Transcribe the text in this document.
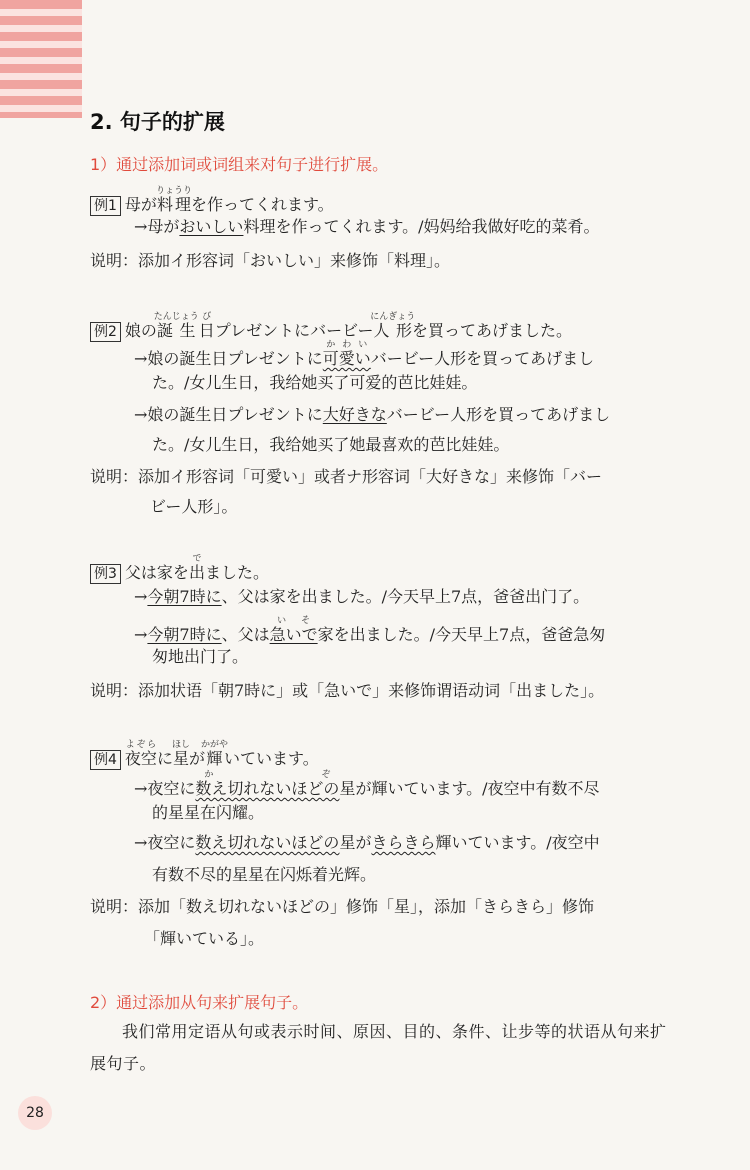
2. 句子的扩展
1）通过添加词或词组来对句子进行扩展。
例1 母が料理りょうりを作ってくれます。
→母がおいしい料理を作ってくれます。/妈妈给我做好吃的菜肴。
说明：添加イ形容词「おいしい」来修饰「料理」。
例2 娘の誕生たんじょう日びプレゼントにバービー人形にんぎょうを買ってあげました。
→娘の誕生日プレゼントに可愛いかわいバービー人形を買ってあげまし
た。/女儿生日，我给她买了可爱的芭比娃娃。
→娘の誕生日プレゼントに大好きなバービー人形を買ってあげまし
た。/女儿生日，我给她买了她最喜欢的芭比娃娃。
说明：添加イ形容词「可愛い」或者ナ形容词「大好きな」来修饰「バー
ビー人形」。
例3 父は家を出でました。
→今朝7時に、父は家を出ました。/今天早上7点，爸爸出门了。
→今朝7時に、父は急いでいそ家を出ました。/今天早上7点，爸爸急匆
匆地出门了。
说明：添加状语「朝7時に」或「急いで」来修饰谓语动词「出ました」。
例4 夜空よぞらに星ほしが輝かがやいています。
→夜空に数え切れないほどのかぞ星が輝いています。/夜空中有数不尽
的星星在闪耀。
→夜空に数え切れないほどの星がきらきら輝いています。/夜空中
有数不尽的星星在闪烁着光辉。
说明：添加「数え切れないほどの」修饰「星」，添加「きらきら」修饰
「輝いている」。
2）通过添加从句来扩展句子。
我们常用定语从句或表示时间、原因、目的、条件、让步等的状语从句来扩展句子。
28
